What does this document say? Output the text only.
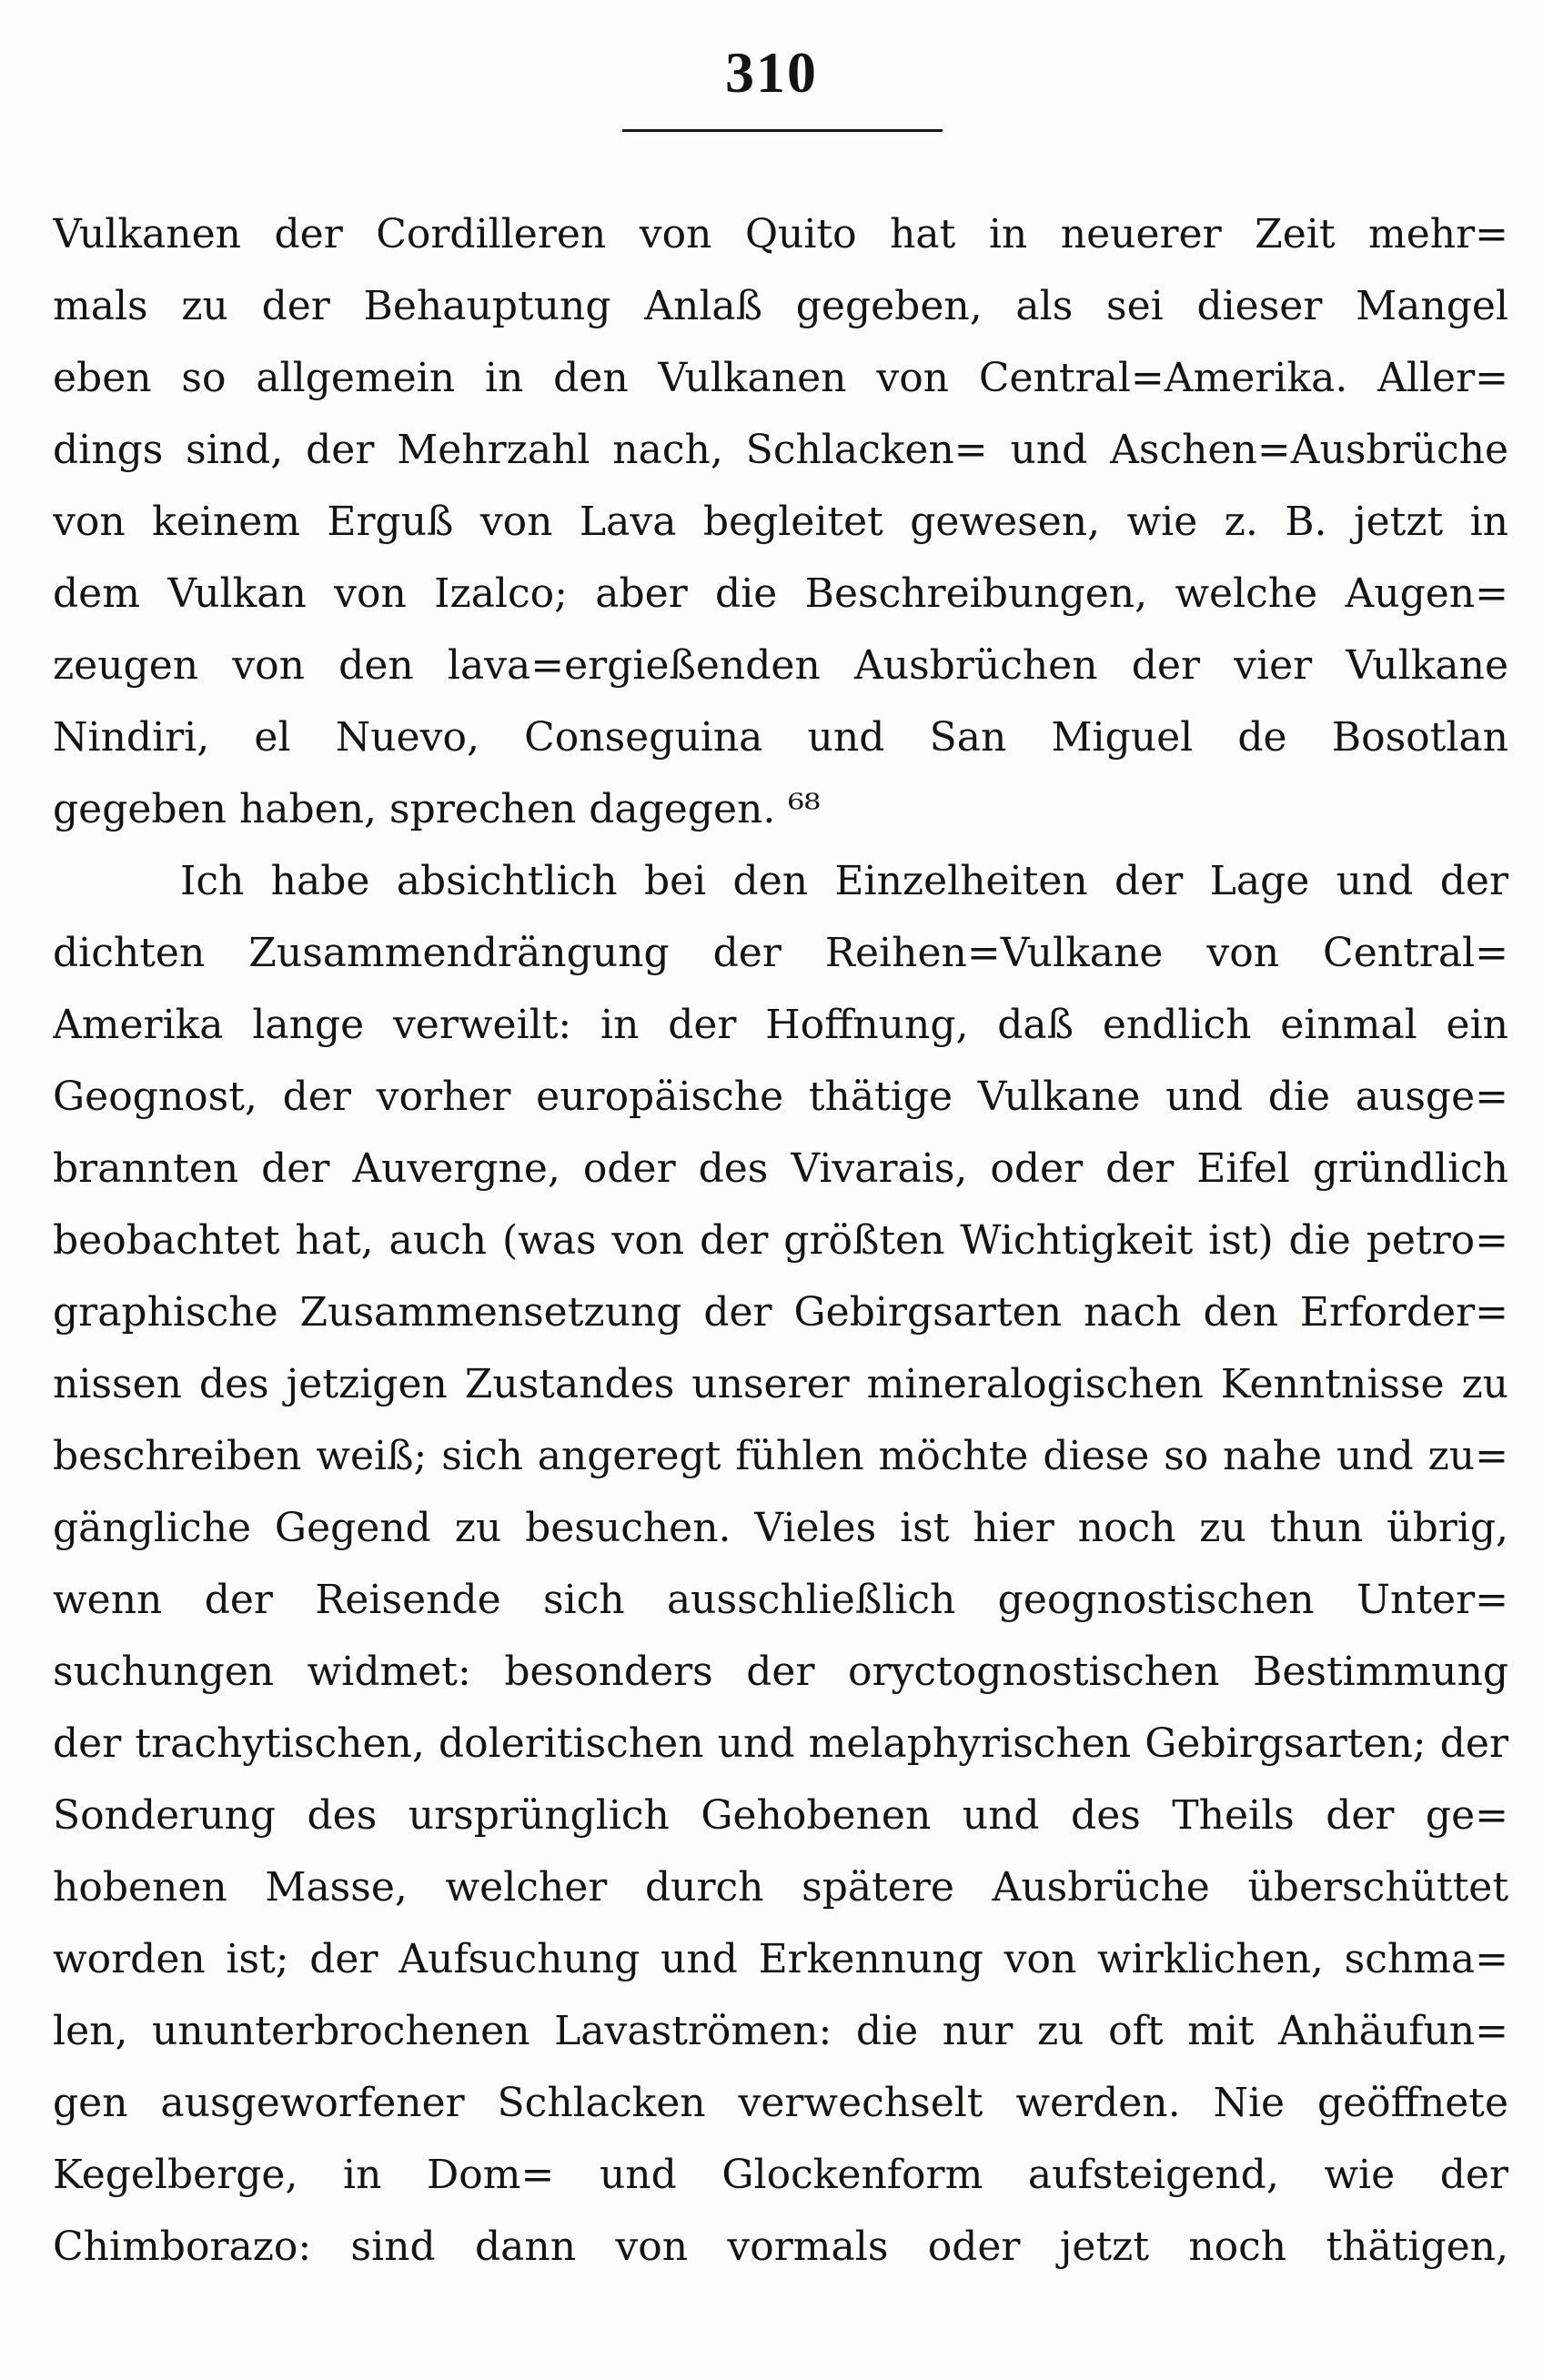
310
Vulkanen der Cordilleren von Quito hat in neuerer Zeit mehr=
mals zu der Behauptung Anlaß gegeben, als sei dieser Mangel
eben so allgemein in den Vulkanen von Central=Amerika. Aller=
dings sind, der Mehrzahl nach, Schlacken= und Aschen=Ausbrüche
von keinem Erguß von Lava begleitet gewesen, wie z. B. jetzt in
dem Vulkan von Izalco; aber die Beschreibungen, welche Augen=
zeugen von den lava=ergießenden Ausbrüchen der vier Vulkane
Nindiri, el Nuevo, Conseguina und San Miguel de Bosotlan
gegeben haben, sprechen dagegen. ⁶⁸
Ich habe absichtlich bei den Einzelheiten der Lage und der
dichten Zusammendrängung der Reihen=Vulkane von Central=
Amerika lange verweilt: in der Hoffnung, daß endlich einmal ein
Geognost, der vorher europäische thätige Vulkane und die ausge=
brannten der Auvergne, oder des Vivarais, oder der Eifel gründlich
beobachtet hat, auch (was von der größten Wichtigkeit ist) die petro=
graphische Zusammensetzung der Gebirgsarten nach den Erforder=
nissen des jetzigen Zustandes unserer mineralogischen Kenntnisse zu
beschreiben weiß; sich angeregt fühlen möchte diese so nahe und zu=
gängliche Gegend zu besuchen. Vieles ist hier noch zu thun übrig,
wenn der Reisende sich ausschließlich geognostischen Unter=
suchungen widmet: besonders der oryctognostischen Bestimmung
der trachytischen, doleritischen und melaphyrischen Gebirgsarten; der
Sonderung des ursprünglich Gehobenen und des Theils der ge=
hobenen Masse, welcher durch spätere Ausbrüche überschüttet
worden ist; der Aufsuchung und Erkennung von wirklichen, schma=
len, ununterbrochenen Lavaströmen: die nur zu oft mit Anhäufun=
gen ausgeworfener Schlacken verwechselt werden. Nie geöffnete
Kegelberge, in Dom= und Glockenform aufsteigend, wie der
Chimborazo: sind dann von vormals oder jetzt noch thätigen,
